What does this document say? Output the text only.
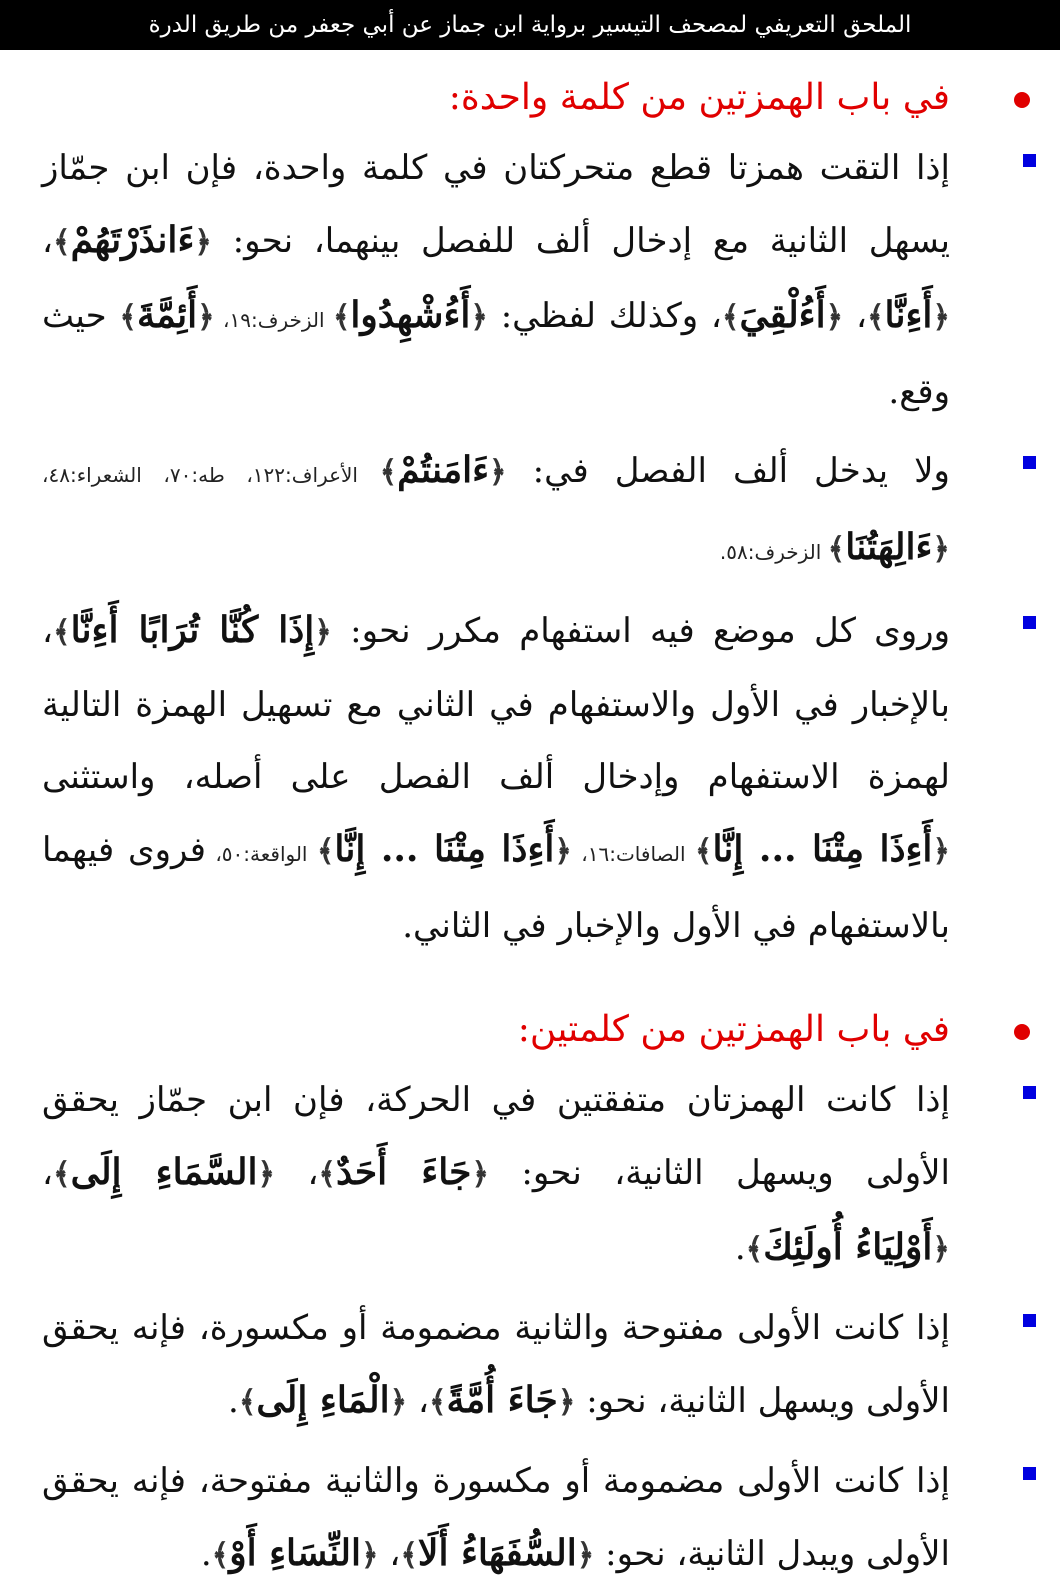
الملحق التعريفي لمصحف التيسير برواية ابن جماز عن أبي جعفر من طريق الدرة
في باب الهمزتين من كلمة واحدة:

إذا التقت همزتا قطع متحركتان في كلمة واحدة، فإن ابن جمّاز يسهل الثانية مع إدخال ألف للفصل بينهما، نحو: ﴿ءَانذَرْتَهُمْ﴾، ﴿أَءِنَّا﴾، ﴿أَءُلْقِيَ﴾، وكذلك لفظي: ﴿أَءُشْهِدُوا﴾ الزخرف:١٩، ﴿أَئِمَّةَ﴾ حيث وقع.

ولا يدخل ألف الفصل في: ﴿ءَامَنتُمْ﴾ الأعراف:١٢٢، طه:٧٠، الشعراء:٤٨، ﴿ءَالِهَتُنَا﴾ الزخرف:٥٨.

وروى كل موضع فيه استفهام مكرر نحو: ﴿إِذَا كُنَّا تُرَابًا أَءِنَّا﴾، بالإخبار في الأول والاستفهام في الثاني مع تسهيل الهمزة التالية لهمزة الاستفهام وإدخال ألف الفصل على أصله، واستثنى ﴿أَءِذَا مِتْنَا ... إِنَّا﴾ الصافات:١٦، ﴿أَءِذَا مِتْنَا ... إِنَّا﴾ الواقعة:٥٠، فروى فيهما بالاستفهام في الأول والإخبار في الثاني.

في باب الهمزتين من كلمتين:

إذا كانت الهمزتان متفقتين في الحركة، فإن ابن جمّاز يحقق الأولى ويسهل الثانية، نحو: ﴿جَاءَ أَحَدٌ﴾، ﴿السَّمَاءِ إِلَى﴾، ﴿أَوْلِيَاءُ أُولَئِكَ﴾.

إذا كانت الأولى مفتوحة والثانية مضمومة أو مكسورة، فإنه يحقق الأولى ويسهل الثانية، نحو: ﴿جَاءَ أُمَّةً﴾، ﴿الْمَاءِ إِلَى﴾.

إذا كانت الأولى مضمومة أو مكسورة والثانية مفتوحة، فإنه يحقق الأولى ويبدل الثانية، نحو: ﴿السُّفَهَاءُ أَلَا﴾، ﴿النِّسَاءِ أَوْ﴾.
